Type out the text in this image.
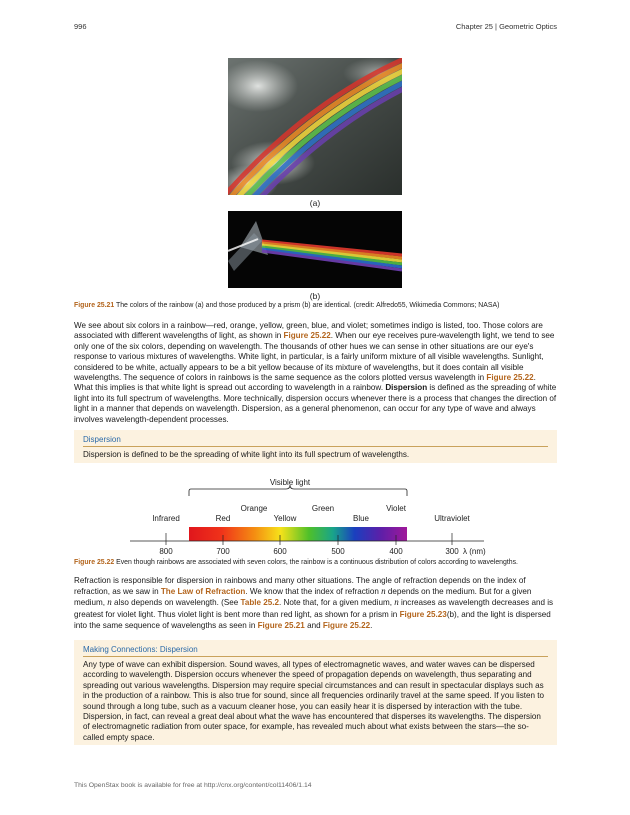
996	Chapter 25 | Geometric Optics
(a)
(b)
Figure 25.21 The colors of the rainbow (a) and those produced by a prism (b) are identical. (credit: Alfredo55, Wikimedia Commons; NASA)
We see about six colors in a rainbow—red, orange, yellow, green, blue, and violet; sometimes indigo is listed, too. Those colors are associated with different wavelengths of light, as shown in Figure 25.22. When our eye receives pure-wavelength light, we tend to see only one of the six colors, depending on wavelength. The thousands of other hues we can sense in other situations are our eye's response to various mixtures of wavelengths. White light, in particular, is a fairly uniform mixture of all visible wavelengths. Sunlight, considered to be white, actually appears to be a bit yellow because of its mixture of wavelengths, but it does contain all visible wavelengths. The sequence of colors in rainbows is the same sequence as the colors plotted versus wavelength in Figure 25.22. What this implies is that white light is spread out according to wavelength in a rainbow. Dispersion is defined as the spreading of white light into its full spectrum of wavelengths. More technically, dispersion occurs whenever there is a process that changes the direction of light in a manner that depends on wavelength. Dispersion, as a general phenomenon, can occur for any type of wave and always involves wavelength-dependent processes.
Dispersion
Dispersion is defined to be the spreading of white light into its full spectrum of wavelengths.
Visible light
Infrared	Red
Orange
Yellow
Green
Blue
Violet
Ultraviolet
800	700	600	500	400	300 λ (nm)
Figure 25.22 Even though rainbows are associated with seven colors, the rainbow is a continuous distribution of colors according to wavelengths.
Refraction is responsible for dispersion in rainbows and many other situations. The angle of refraction depends on the index of refraction, as we saw in The Law of Refraction. We know that the index of refraction n depends on the medium. But for a given medium, n also depends on wavelength. (See Table 25.2. Note that, for a given medium, n increases as wavelength decreases and is greatest for violet light. Thus violet light is bent more than red light, as shown for a prism in Figure 25.23(b), and the light is dispersed into the same sequence of wavelengths as seen in Figure 25.21 and Figure 25.22.
Making Connections: Dispersion
Any type of wave can exhibit dispersion. Sound waves, all types of electromagnetic waves, and water waves can be dispersed according to wavelength. Dispersion occurs whenever the speed of propagation depends on wavelength, thus separating and spreading out various wavelengths. Dispersion may require special circumstances and can result in spectacular displays such as in the production of a rainbow. This is also true for sound, since all frequencies ordinarily travel at the same speed. If you listen to sound through a long tube, such as a vacuum cleaner hose, you can easily hear it is dispersed by interaction with the tube. Dispersion, in fact, can reveal a great deal about what the wave has encountered that disperses its wavelengths. The dispersion of electromagnetic radiation from outer space, for example, has revealed much about what exists between the stars—the so-called empty space.
This OpenStax book is available for free at http://cnx.org/content/col11406/1.14
